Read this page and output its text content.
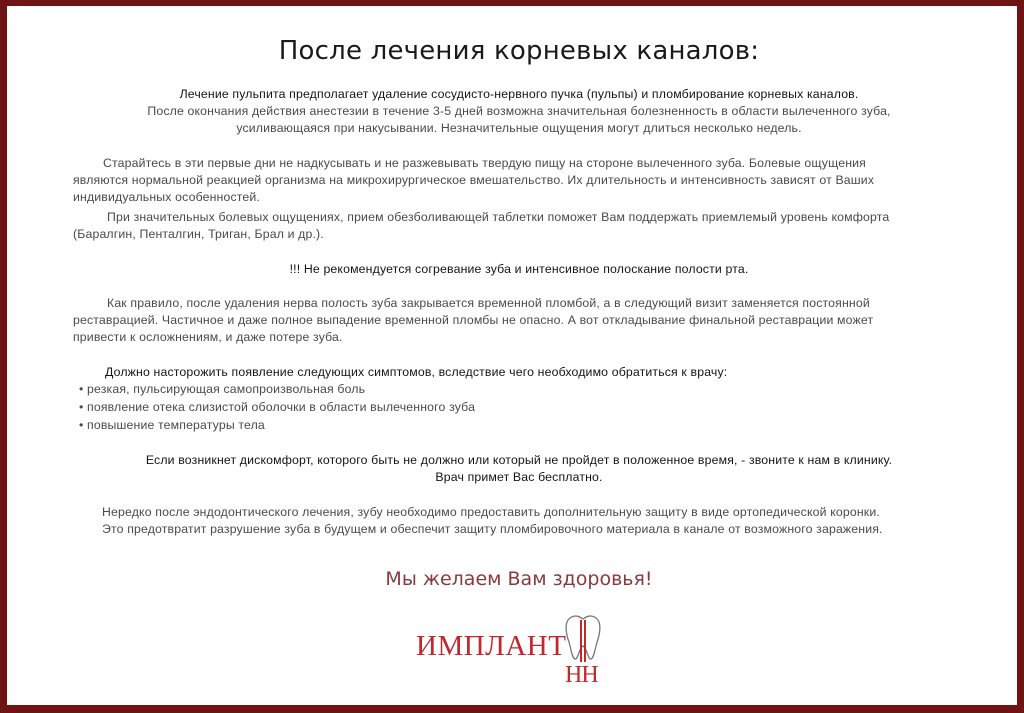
После лечения корневых каналов:
Лечение пульпита предполагает удаление сосудисто-нервного пучка (пульпы) и пломбирование корневых каналов.
После окончания действия анестезии в течение 3-5 дней возможна значительная болезненность в области вылеченного зуба,
усиливающаяся при накусывании. Незначительные ощущения могут длиться несколько недель.
Старайтесь в эти первые дни не надкусывать и не разжевывать твердую пищу на стороне вылеченного зуба. Болевые ощущения
являются нормальной реакцией организма на микрохирургическое вмешательство. Их длительность и интенсивность зависят от Ваших
индивидуальных особенностей.
При значительных болевых ощущениях, прием обезболивающей таблетки поможет Вам поддержать приемлемый уровень комфорта
(Баралгин, Пенталгин, Триган, Брал и др.).
!!! Не рекомендуется согревание зуба и интенсивное полоскание полости рта.
Как правило, после удаления нерва полость зуба закрывается временной пломбой, а в следующий визит заменяется постоянной
реставрацией. Частичное и даже полное выпадение временной пломбы не опасно. А вот откладывание финальной реставрации может
привести к осложнениям, и даже потере зуба.
Должно насторожить появление следующих симптомов, вследствие чего необходимо обратиться к врачу:
• резкая, пульсирующая самопроизвольная боль
• появление отека слизистой оболочки в области вылеченного зуба
• повышение температуры тела
Если возникнет дискомфорт, которого быть не должно или который не пройдет в положенное время, - звоните к нам в клинику.
Врач примет Вас бесплатно.
Нередко после эндодонтического лечения, зубу необходимо предоставить дополнительную защиту в виде ортопедической коронки.
Это предотвратит разрушение зуба в будущем и обеспечит защиту пломбировочного материала в канале от возможного заражения.
Мы желаем Вам здоровья!
ИМПЛАНТ
НН
